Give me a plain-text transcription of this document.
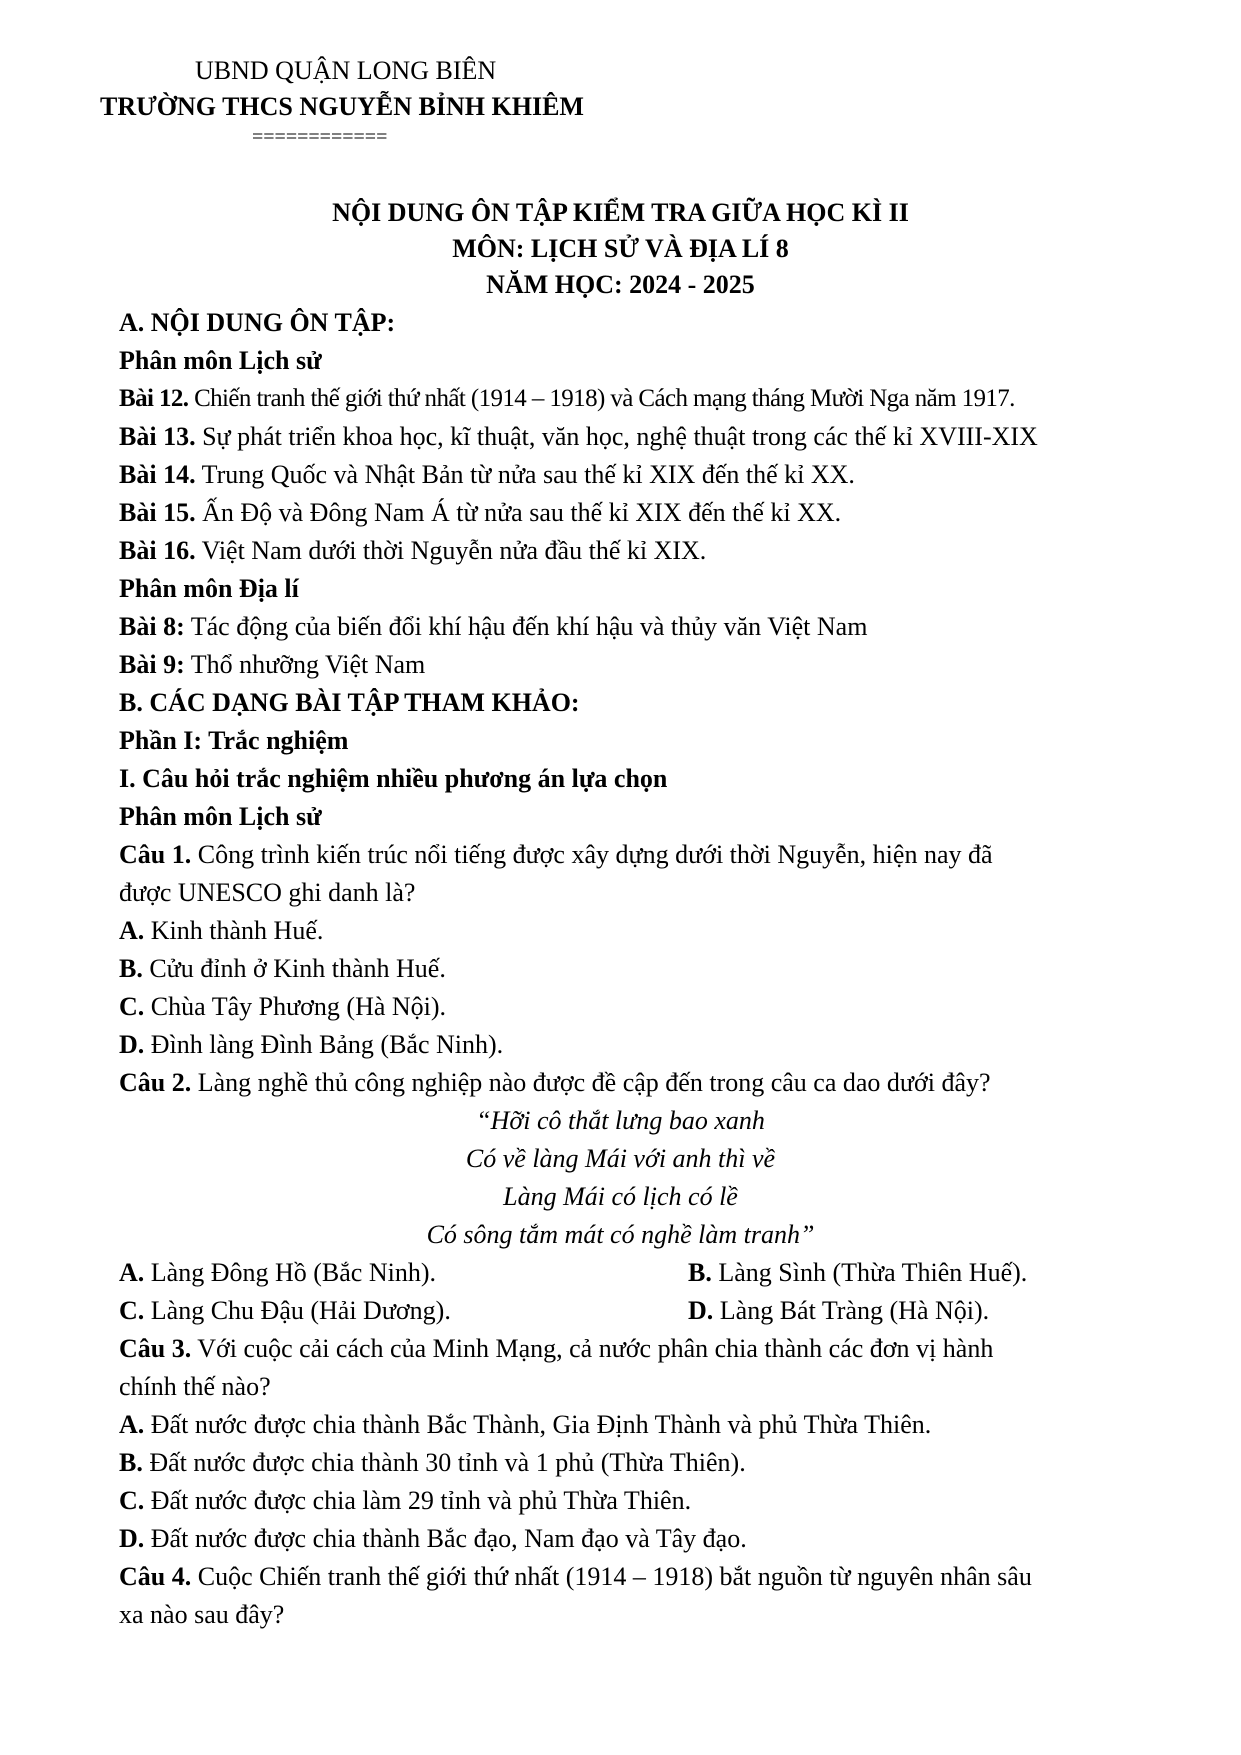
UBND QUẬN LONG BIÊN
TRƯỜNG THCS NGUYỄN BỈNH KHIÊM
============
NỘI DUNG ÔN TẬP KIỂM TRA GIỮA HỌC KÌ II
MÔN: LỊCH SỬ VÀ ĐỊA LÍ 8
NĂM HỌC: 2024 - 2025
A. NỘI DUNG ÔN TẬP:
Phân môn Lịch sử
Bài 12. Chiến tranh thế giới thứ nhất (1914 – 1918) và Cách mạng tháng Mười Nga năm 1917.
Bài 13. Sự phát triển khoa học, kĩ thuật, văn học, nghệ thuật trong các thế kỉ XVIII-XIX
Bài 14. Trung Quốc và Nhật Bản từ nửa sau thế kỉ XIX đến thế kỉ XX.
Bài 15. Ấn Độ và Đông Nam Á từ nửa sau thế kỉ XIX đến thế kỉ XX.
Bài 16. Việt Nam dưới thời Nguyễn nửa đầu thế kỉ XIX.
Phân môn Địa lí
Bài 8: Tác động của biến đổi khí hậu đến khí hậu và thủy văn Việt Nam
Bài 9: Thổ nhưỡng Việt Nam
B. CÁC DẠNG BÀI TẬP THAM KHẢO:
Phần I: Trắc nghiệm
I. Câu hỏi trắc nghiệm nhiều phương án lựa chọn
Phân môn Lịch sử
Câu 1. Công trình kiến trúc nổi tiếng được xây dựng dưới thời Nguyễn, hiện nay đã
được UNESCO ghi danh là?
A. Kinh thành Huế.
B. Cửu đỉnh ở Kinh thành Huế.
C. Chùa Tây Phương (Hà Nội).
D. Đình làng Đình Bảng (Bắc Ninh).
Câu 2. Làng nghề thủ công nghiệp nào được đề cập đến trong câu ca dao dưới đây?
“Hỡi cô thắt lưng bao xanh
Có về làng Mái với anh thì về
Làng Mái có lịch có lề
Có sông tắm mát có nghề làm tranh”
A. Làng Đông Hồ (Bắc Ninh).	B. Làng Sình (Thừa Thiên Huế).
C. Làng Chu Đậu (Hải Dương).	D. Làng Bát Tràng (Hà Nội).
Câu 3. Với cuộc cải cách của Minh Mạng, cả nước phân chia thành các đơn vị hành
chính thế nào?
A. Đất nước được chia thành Bắc Thành, Gia Định Thành và phủ Thừa Thiên.
B. Đất nước được chia thành 30 tỉnh và 1 phủ (Thừa Thiên).
C. Đất nước được chia làm 29 tỉnh và phủ Thừa Thiên.
D. Đất nước được chia thành Bắc đạo, Nam đạo và Tây đạo.
Câu 4. Cuộc Chiến tranh thế giới thứ nhất (1914 – 1918) bắt nguồn từ nguyên nhân sâu
xa nào sau đây?
